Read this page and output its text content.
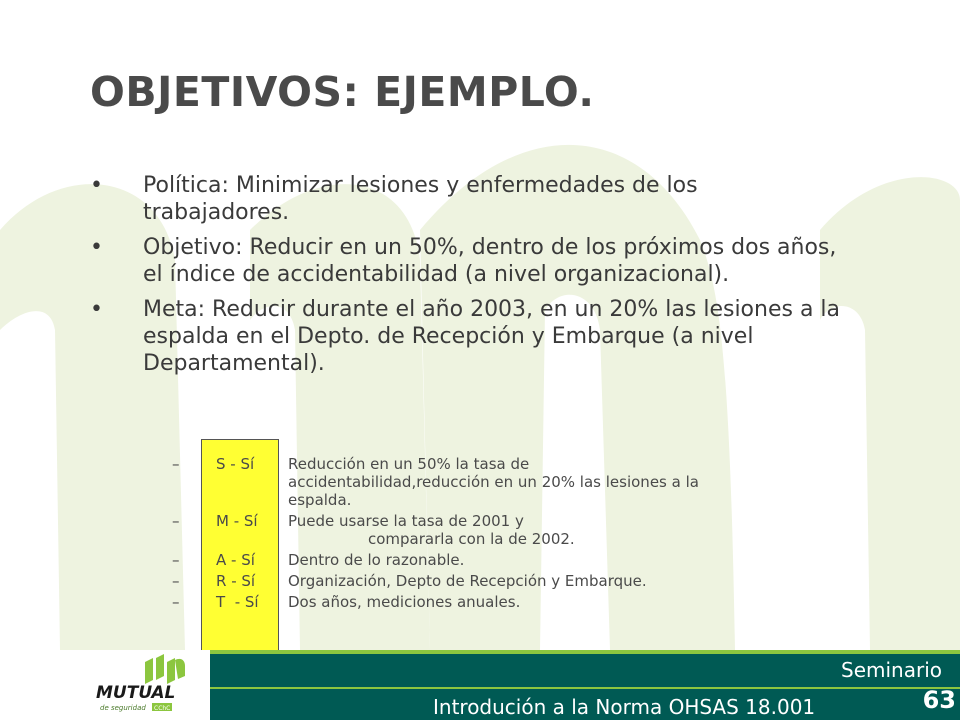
OBJETIVOS: EJEMPLO.
•	Política: Minimizar lesiones y enfermedades de los trabajadores.
•	Objetivo: Reducir en un 50%, dentro de los próximos dos años, el índice de accidentabilidad (a nivel organizacional).
•	Meta: Reducir durante el año 2003, en un 20% las lesiones a la espalda en el Depto. de Recepción y Embarque (a nivel Departamental).
–	S - Sí	Reducción en un 50% la tasa de accidentabilidad,reducción en un 20% las lesiones a la espalda.
–	M - Sí	Puede usarse la tasa de 2001 y
compararla con la de 2002.
–	A - Sí	Dentro de lo razonable.
–	R - Sí	Organización, Depto de Recepción y Embarque.
–	T  - Sí	Dos años, mediciones anuales.
Seminario
Introdución a la Norma OHSAS 18.001	63
MUTUAL
de seguridad CChC
